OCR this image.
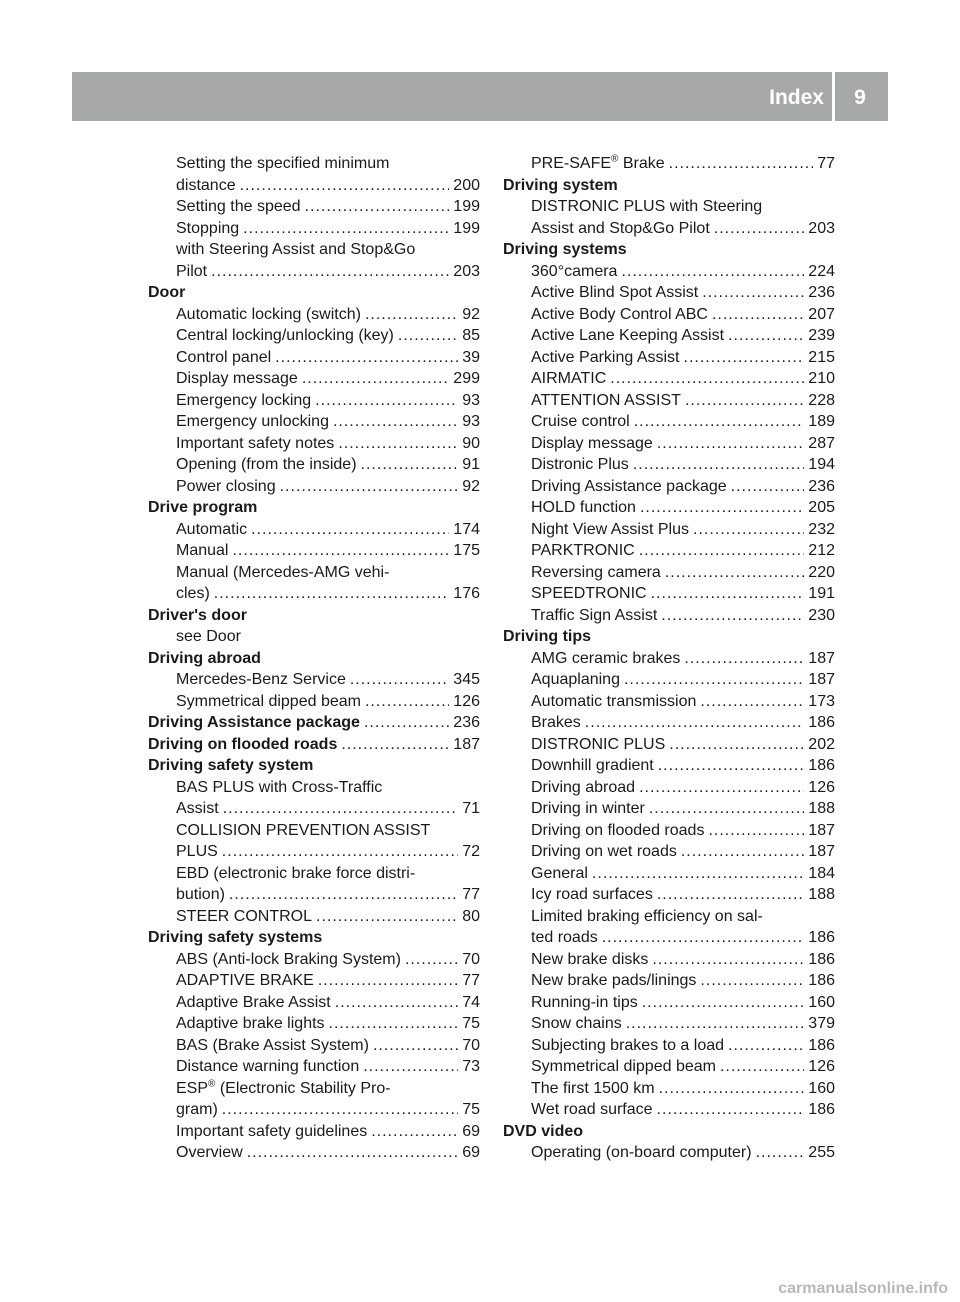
Index	9
Setting the specified minimum
distance .....	200
Setting the speed .....	199
Stopping .....	199
with Steering Assist and Stop&Go
Pilot .....	203
Door
Automatic locking (switch) .....	92
Central locking/unlocking (key) .....	85
Control panel .....	39
Display message .....	299
Emergency locking .....	93
Emergency unlocking .....	93
Important safety notes .....	90
Opening (from the inside) .....	91
Power closing .....	92
Drive program
Automatic .....	174
Manual .....	175
Manual (Mercedes-AMG vehi-
cles) .....	176
Driver's door
see Door
Driving abroad
Mercedes-Benz Service .....	345
Symmetrical dipped beam .....	126
Driving Assistance package .....	236
Driving on flooded roads .....	187
Driving safety system
BAS PLUS with Cross-Traffic
Assist .....	71
COLLISION PREVENTION ASSIST
PLUS .....	72
EBD (electronic brake force distri-
bution) .....	77
STEER CONTROL .....	80
Driving safety systems
ABS (Anti-lock Braking System) .....	70
ADAPTIVE BRAKE .....	77
Adaptive Brake Assist .....	74
Adaptive brake lights .....	75
BAS (Brake Assist System) .....	70
Distance warning function .....	73
ESP® (Electronic Stability Pro-
gram) .....	75
Important safety guidelines .....	69
Overview .....	69
PRE-SAFE® Brake .....	77
Driving system
DISTRONIC PLUS with Steering
Assist and Stop&Go Pilot .....	203
Driving systems
360°camera .....	224
Active Blind Spot Assist .....	236
Active Body Control ABC .....	207
Active Lane Keeping Assist .....	239
Active Parking Assist .....	215
AIRMATIC .....	210
ATTENTION ASSIST .....	228
Cruise control .....	189
Display message .....	287
Distronic Plus .....	194
Driving Assistance package .....	236
HOLD function .....	205
Night View Assist Plus .....	232
PARKTRONIC .....	212
Reversing camera .....	220
SPEEDTRONIC .....	191
Traffic Sign Assist .....	230
Driving tips
AMG ceramic brakes .....	187
Aquaplaning .....	187
Automatic transmission .....	173
Brakes .....	186
DISTRONIC PLUS .....	202
Downhill gradient .....	186
Driving abroad .....	126
Driving in winter .....	188
Driving on flooded roads .....	187
Driving on wet roads .....	187
General .....	184
Icy road surfaces .....	188
Limited braking efficiency on sal-
ted roads .....	186
New brake disks .....	186
New brake pads/linings .....	186
Running-in tips .....	160
Snow chains .....	379
Subjecting brakes to a load .....	186
Symmetrical dipped beam .....	126
The first 1500 km .....	160
Wet road surface .....	186
DVD video
Operating (on-board computer) .....	255
carmanualsonline.info
